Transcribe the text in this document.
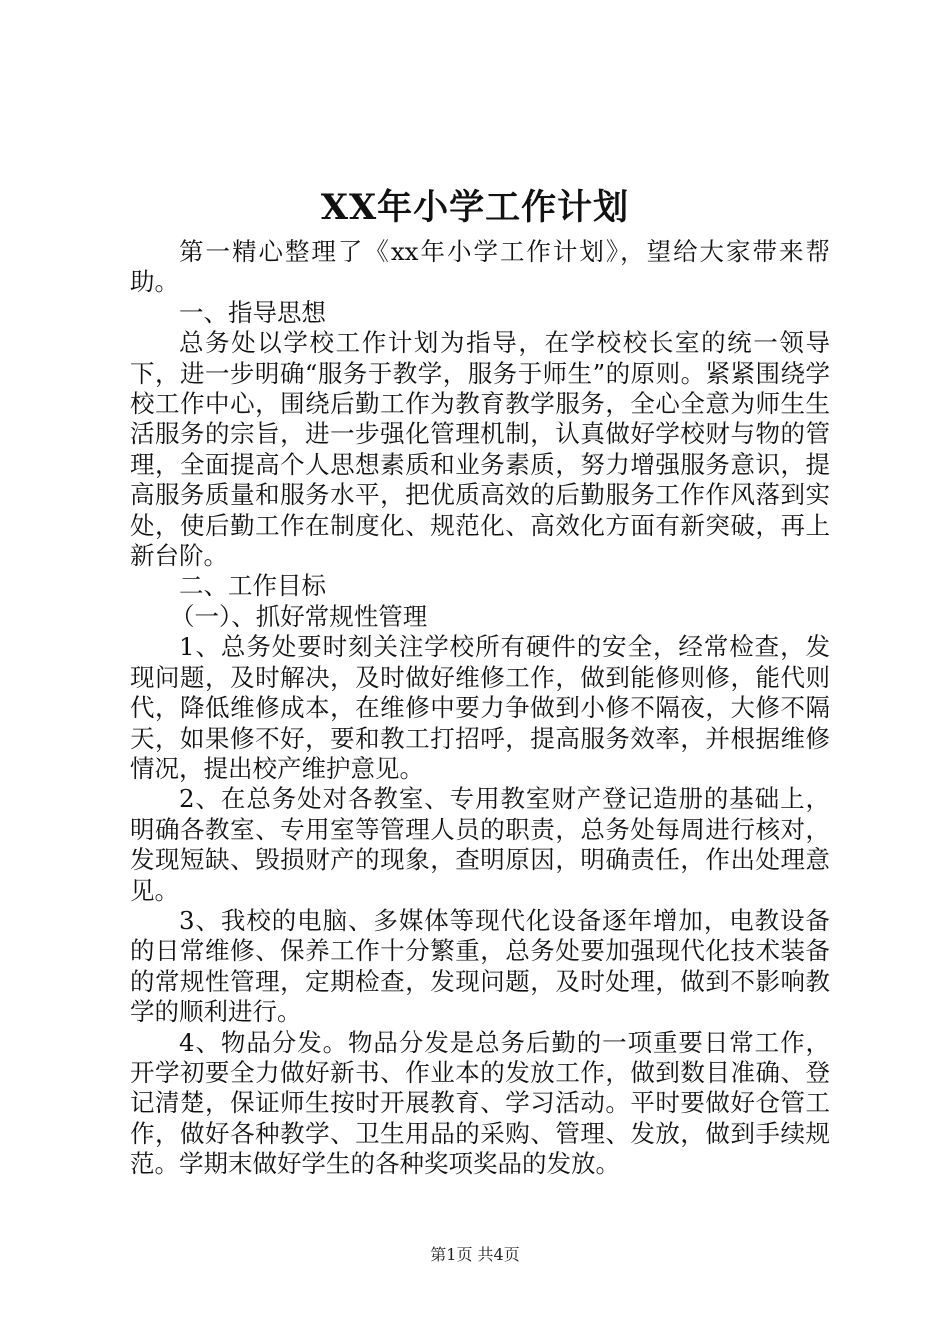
XX年小学工作计划

第一精心整理了《xx年小学工作计划》，望给大家带来帮助。

一、指导思想

总务处以学校工作计划为指导，在学校校长室的统一领导下，进一步明确“服务于教学，服务于师生”的原则。紧紧围绕学校工作中心，围绕后勤工作为教育教学服务，全心全意为师生生活服务的宗旨，进一步强化管理机制，认真做好学校财与物的管理，全面提高个人思想素质和业务素质，努力增强服务意识，提高服务质量和服务水平，把优质高效的后勤服务工作作风落到实处，使后勤工作在制度化、规范化、高效化方面有新突破，再上新台阶。

二、工作目标

（一）、抓好常规性管理

1、总务处要时刻关注学校所有硬件的安全，经常检查，发现问题，及时解决，及时做好维修工作，做到能修则修，能代则代，降低维修成本，在维修中要力争做到小修不隔夜，大修不隔天，如果修不好，要和教工打招呼，提高服务效率，并根据维修情况，提出校产维护意见。

2、在总务处对各教室、专用教室财产登记造册的基础上，明确各教室、专用室等管理人员的职责，总务处每周进行核对，发现短缺、毁损财产的现象，查明原因，明确责任，作出处理意见。

3、我校的电脑、多媒体等现代化设备逐年增加，电教设备的日常维修、保养工作十分繁重，总务处要加强现代化技术装备的常规性管理，定期检查，发现问题，及时处理，做到不影响教学的顺利进行。

4、物品分发。物品分发是总务后勤的一项重要日常工作，开学初要全力做好新书、作业本的发放工作，做到数目准确、登记清楚，保证师生按时开展教育、学习活动。平时要做好仓管工作，做好各种教学、卫生用品的采购、管理、发放，做到手续规范。学期末做好学生的各种奖项奖品的发放。

第1页 共4页
